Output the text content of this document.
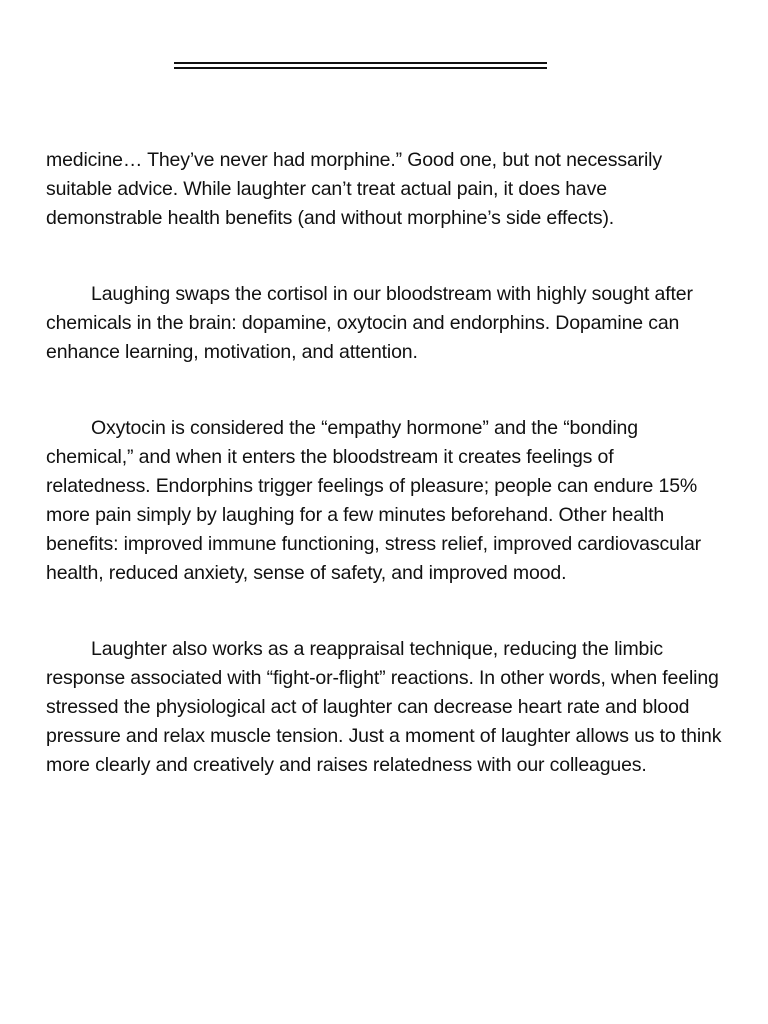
medicine… They’ve never had morphine.” Good one, but not necessarily suitable advice. While laughter can’t treat actual pain, it does have demonstrable health benefits (and without morphine’s side effects).

Laughing swaps the cortisol in our bloodstream with highly sought after chemicals in the brain: dopamine, oxytocin and endorphins. Dopamine can enhance learning, motivation, and attention.

Oxytocin is considered the “empathy hormone” and the “bonding chemical,” and when it enters the bloodstream it creates feelings of relatedness. Endorphins trigger feelings of pleasure; people can endure 15% more pain simply by laughing for a few minutes beforehand. Other health benefits: improved immune functioning, stress relief, improved cardiovascular health, reduced anxiety, sense of safety, and improved mood.

Laughter also works as a reappraisal technique, reducing the limbic response associated with “fight-or-flight” reactions. In other words, when feeling stressed the physiological act of laughter can decrease heart rate and blood pressure and relax muscle tension. Just a moment of laughter allows us to think more clearly and creatively and raises relatedness with our colleagues.
